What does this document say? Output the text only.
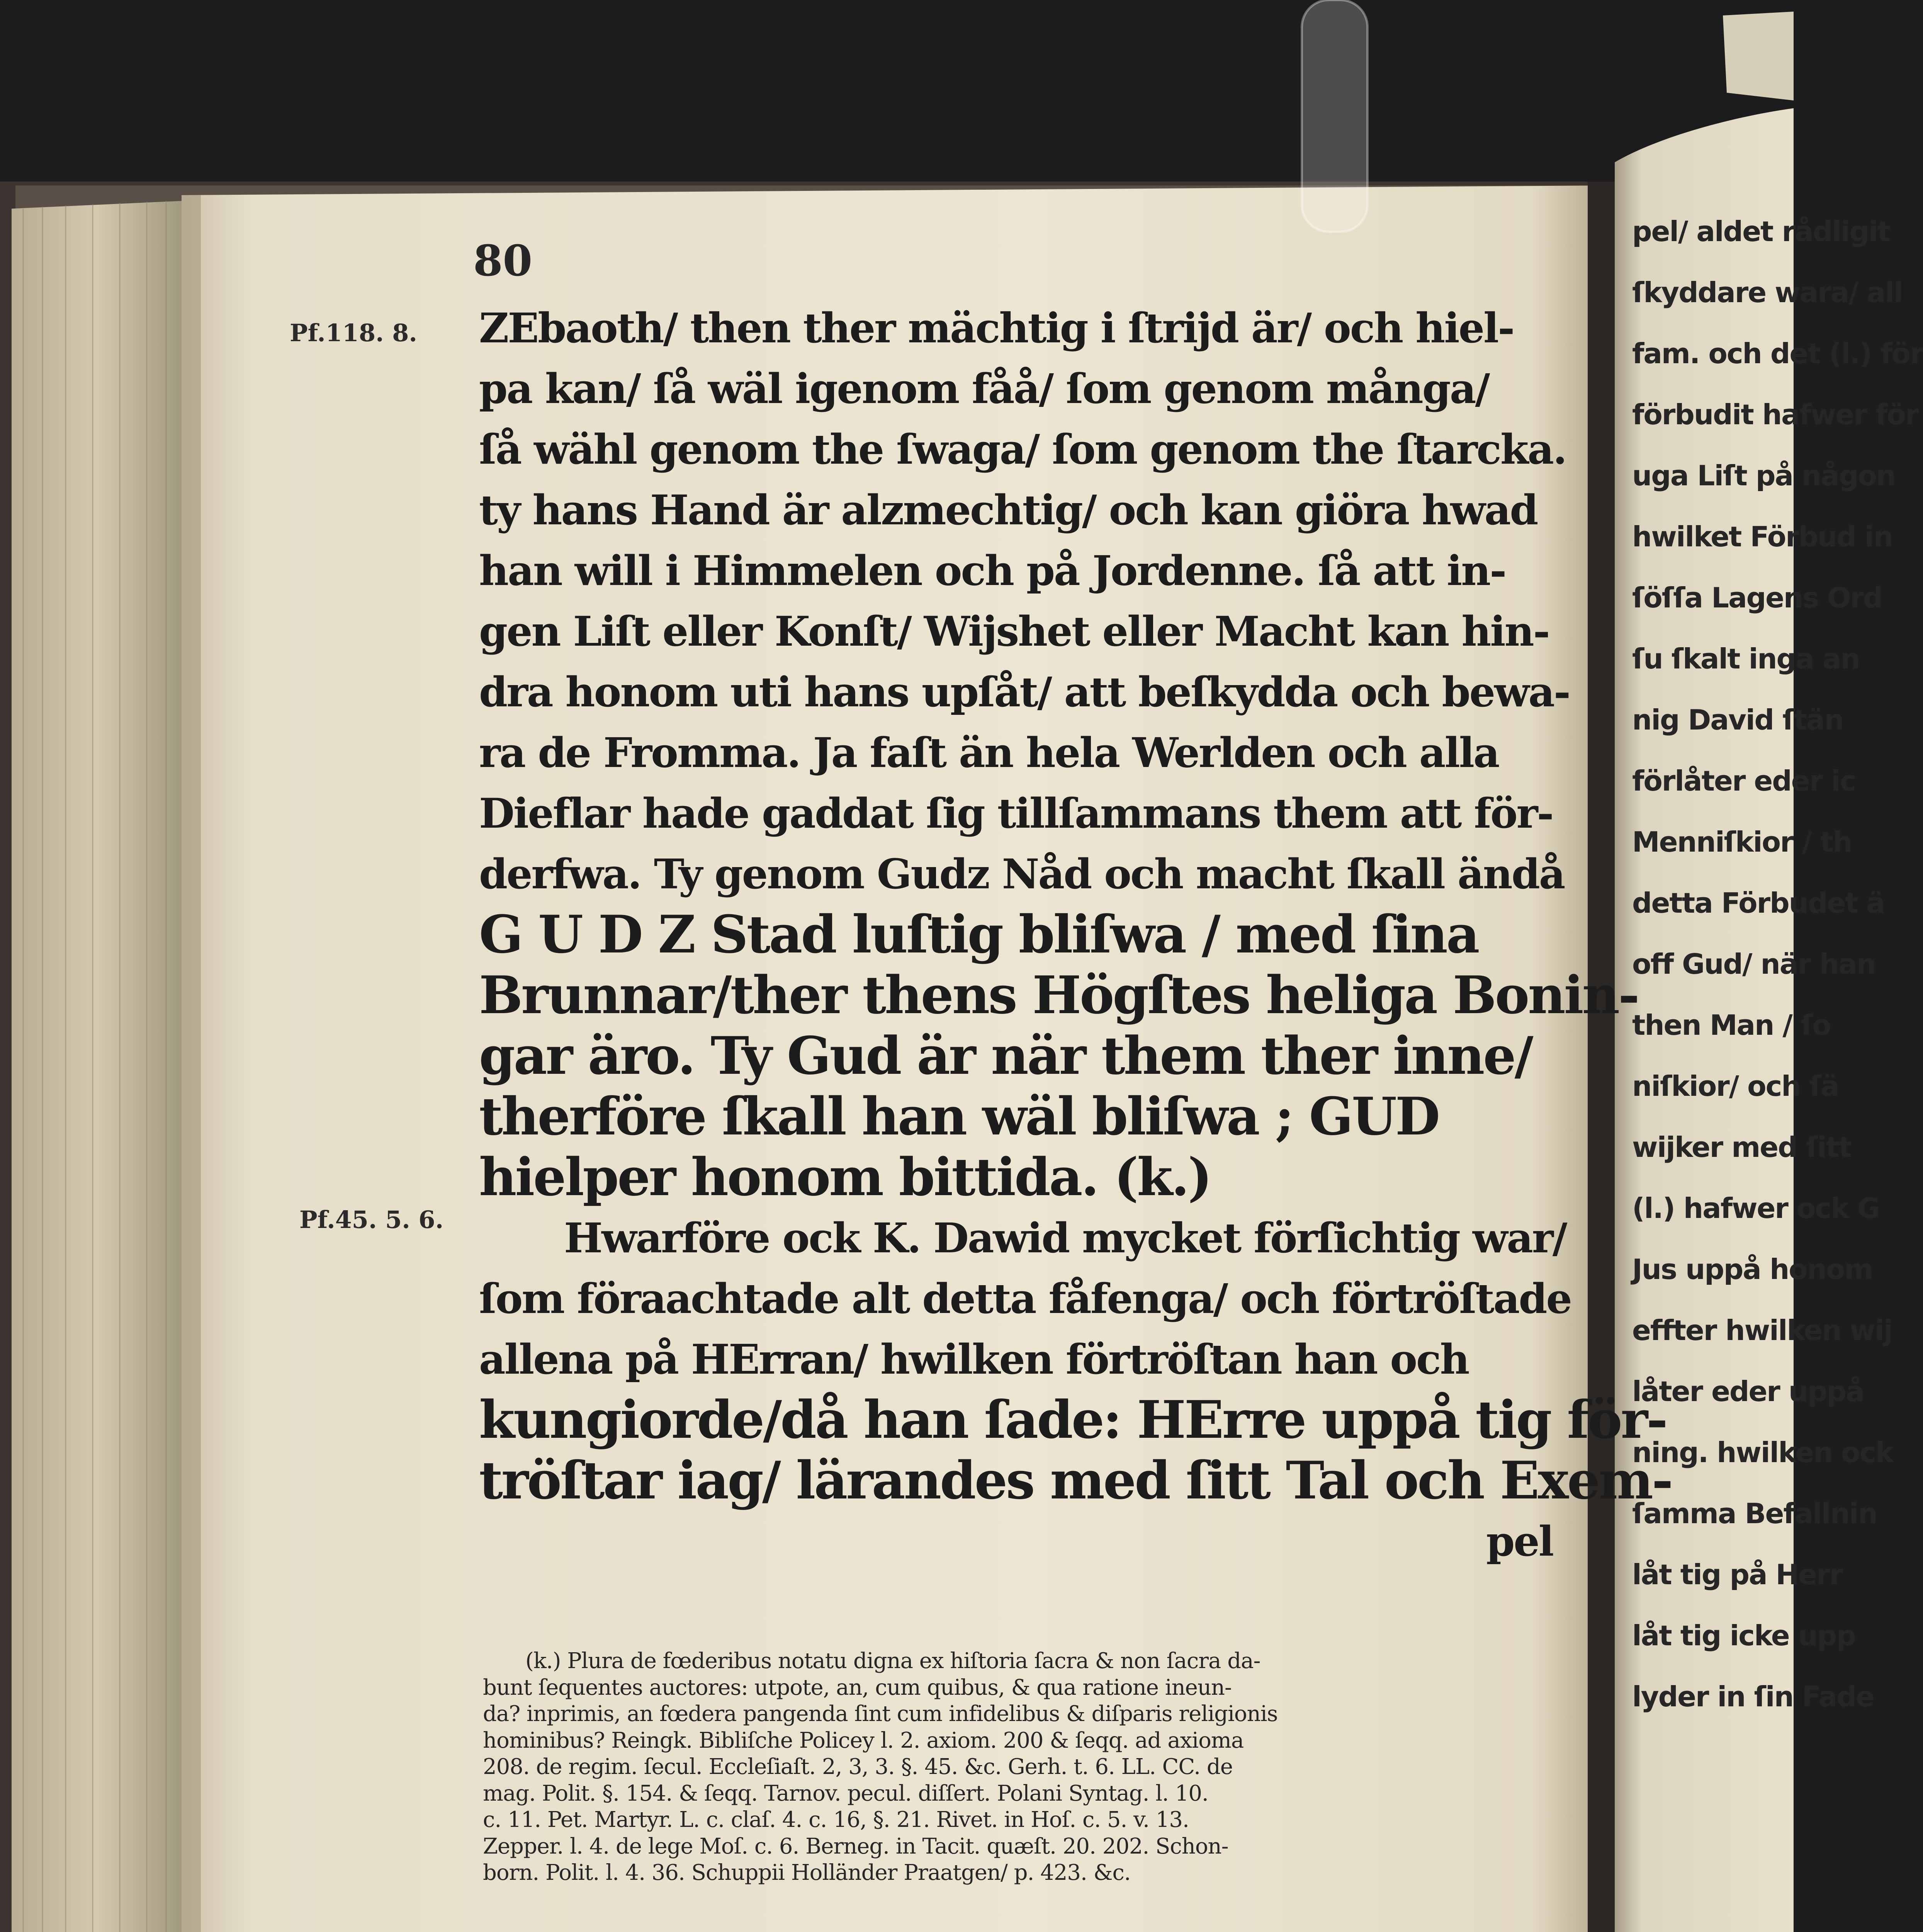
80
Pf.118. 8.
Pf.45. 5. 6.
ZEbaoth/ then ther mächtig i ſtrijd är/ och hiel-
pa kan/ ſå wäl igenom fåå/ ſom genom många/
ſå wähl genom the ſwaga/ ſom genom the ſtarcka.
ty hans Hand är alzmechtig/ och kan giöra hwad
han will i Himmelen och på Jordenne. ſå att in-
gen Liſt eller Konſt/ Wijshet eller Macht kan hin-
dra honom uti hans upſåt/ att beſkydda och bewa-
ra de Fromma. Ja faſt än hela Werlden och alla
Dieflar hade gaddat ſig tillſammans them att för-
derfwa. Ty genom Gudz Nåd och macht ſkall ändå
G U D Z Stad luſtig bliſwa / med ſina
Brunnar/ther thens Högſtes heliga Bonin-
gar äro. Ty Gud är när them ther inne/
therföre ſkall han wäl bliſwa ; GUD
hielper honom bittida. (k.)
Hwarföre ock K. Dawid mycket förſichtig war/
ſom föraachtade alt detta fåfenga/ och förtröſtade
allena på HErran/ hwilken förtröſtan han och
kungiorde/då han ſade: HErre uppå tig för-
tröſtar iag/ lärandes med ſitt Tal och Exem-
pel
(k.) Plura de fœderibus notatu digna ex hiſtoria ſacra & non ſacra da-
bunt ſequentes auctores: utpote, an, cum quibus, & qua ratione ineun-
da? inprimis, an fœdera pangenda ſint cum infidelibus & diſparis religionis
hominibus? Reingk. Bibliſche Policey l. 2. axiom. 200 & ſeqq. ad axioma
208. de regim. ſecul. Eccleſiaſt. 2, 3, 3. §. 45. &c. Gerh. t. 6. LL. CC. de
mag. Polit. §. 154. & ſeqq. Tarnov. pecul. diſſert. Polani Syntag. l. 10.
c. 11. Pet. Martyr. L. c. claſ. 4. c. 16, §. 21. Rivet. in Hoſ. c. 5. v. 13.
Zepper. l. 4. de lege Moſ. c. 6. Berneg. in Tacit. quæſt. 20. 202. Schon-
born. Polit. l. 4. 36. Schuppii Holländer Praatgen/ p. 423. &c.
pel/ aldet rådligit
ſkyddare wara/ all
fam. och det (l.) för
förbudit hafwer för
uga Liſt på någon
hwilket Förbud in
ſöſſa Lagens Ord
ſu ſkalt inga an
nig David ſtän
förlåter eder ic
Menniſkior / th
detta Förbudet ä
off Gud/ när han
then Man / ſo
niſkior/ och ſä
wijker med ſitt
(l.) hafwer ock G
Jus uppå honom
effter hwilken wij
låter eder uppå
ning. hwilken ock
ſamma Befallnin
låt tig på Herr
låt tig icke upp
lyder in ſin Fade
